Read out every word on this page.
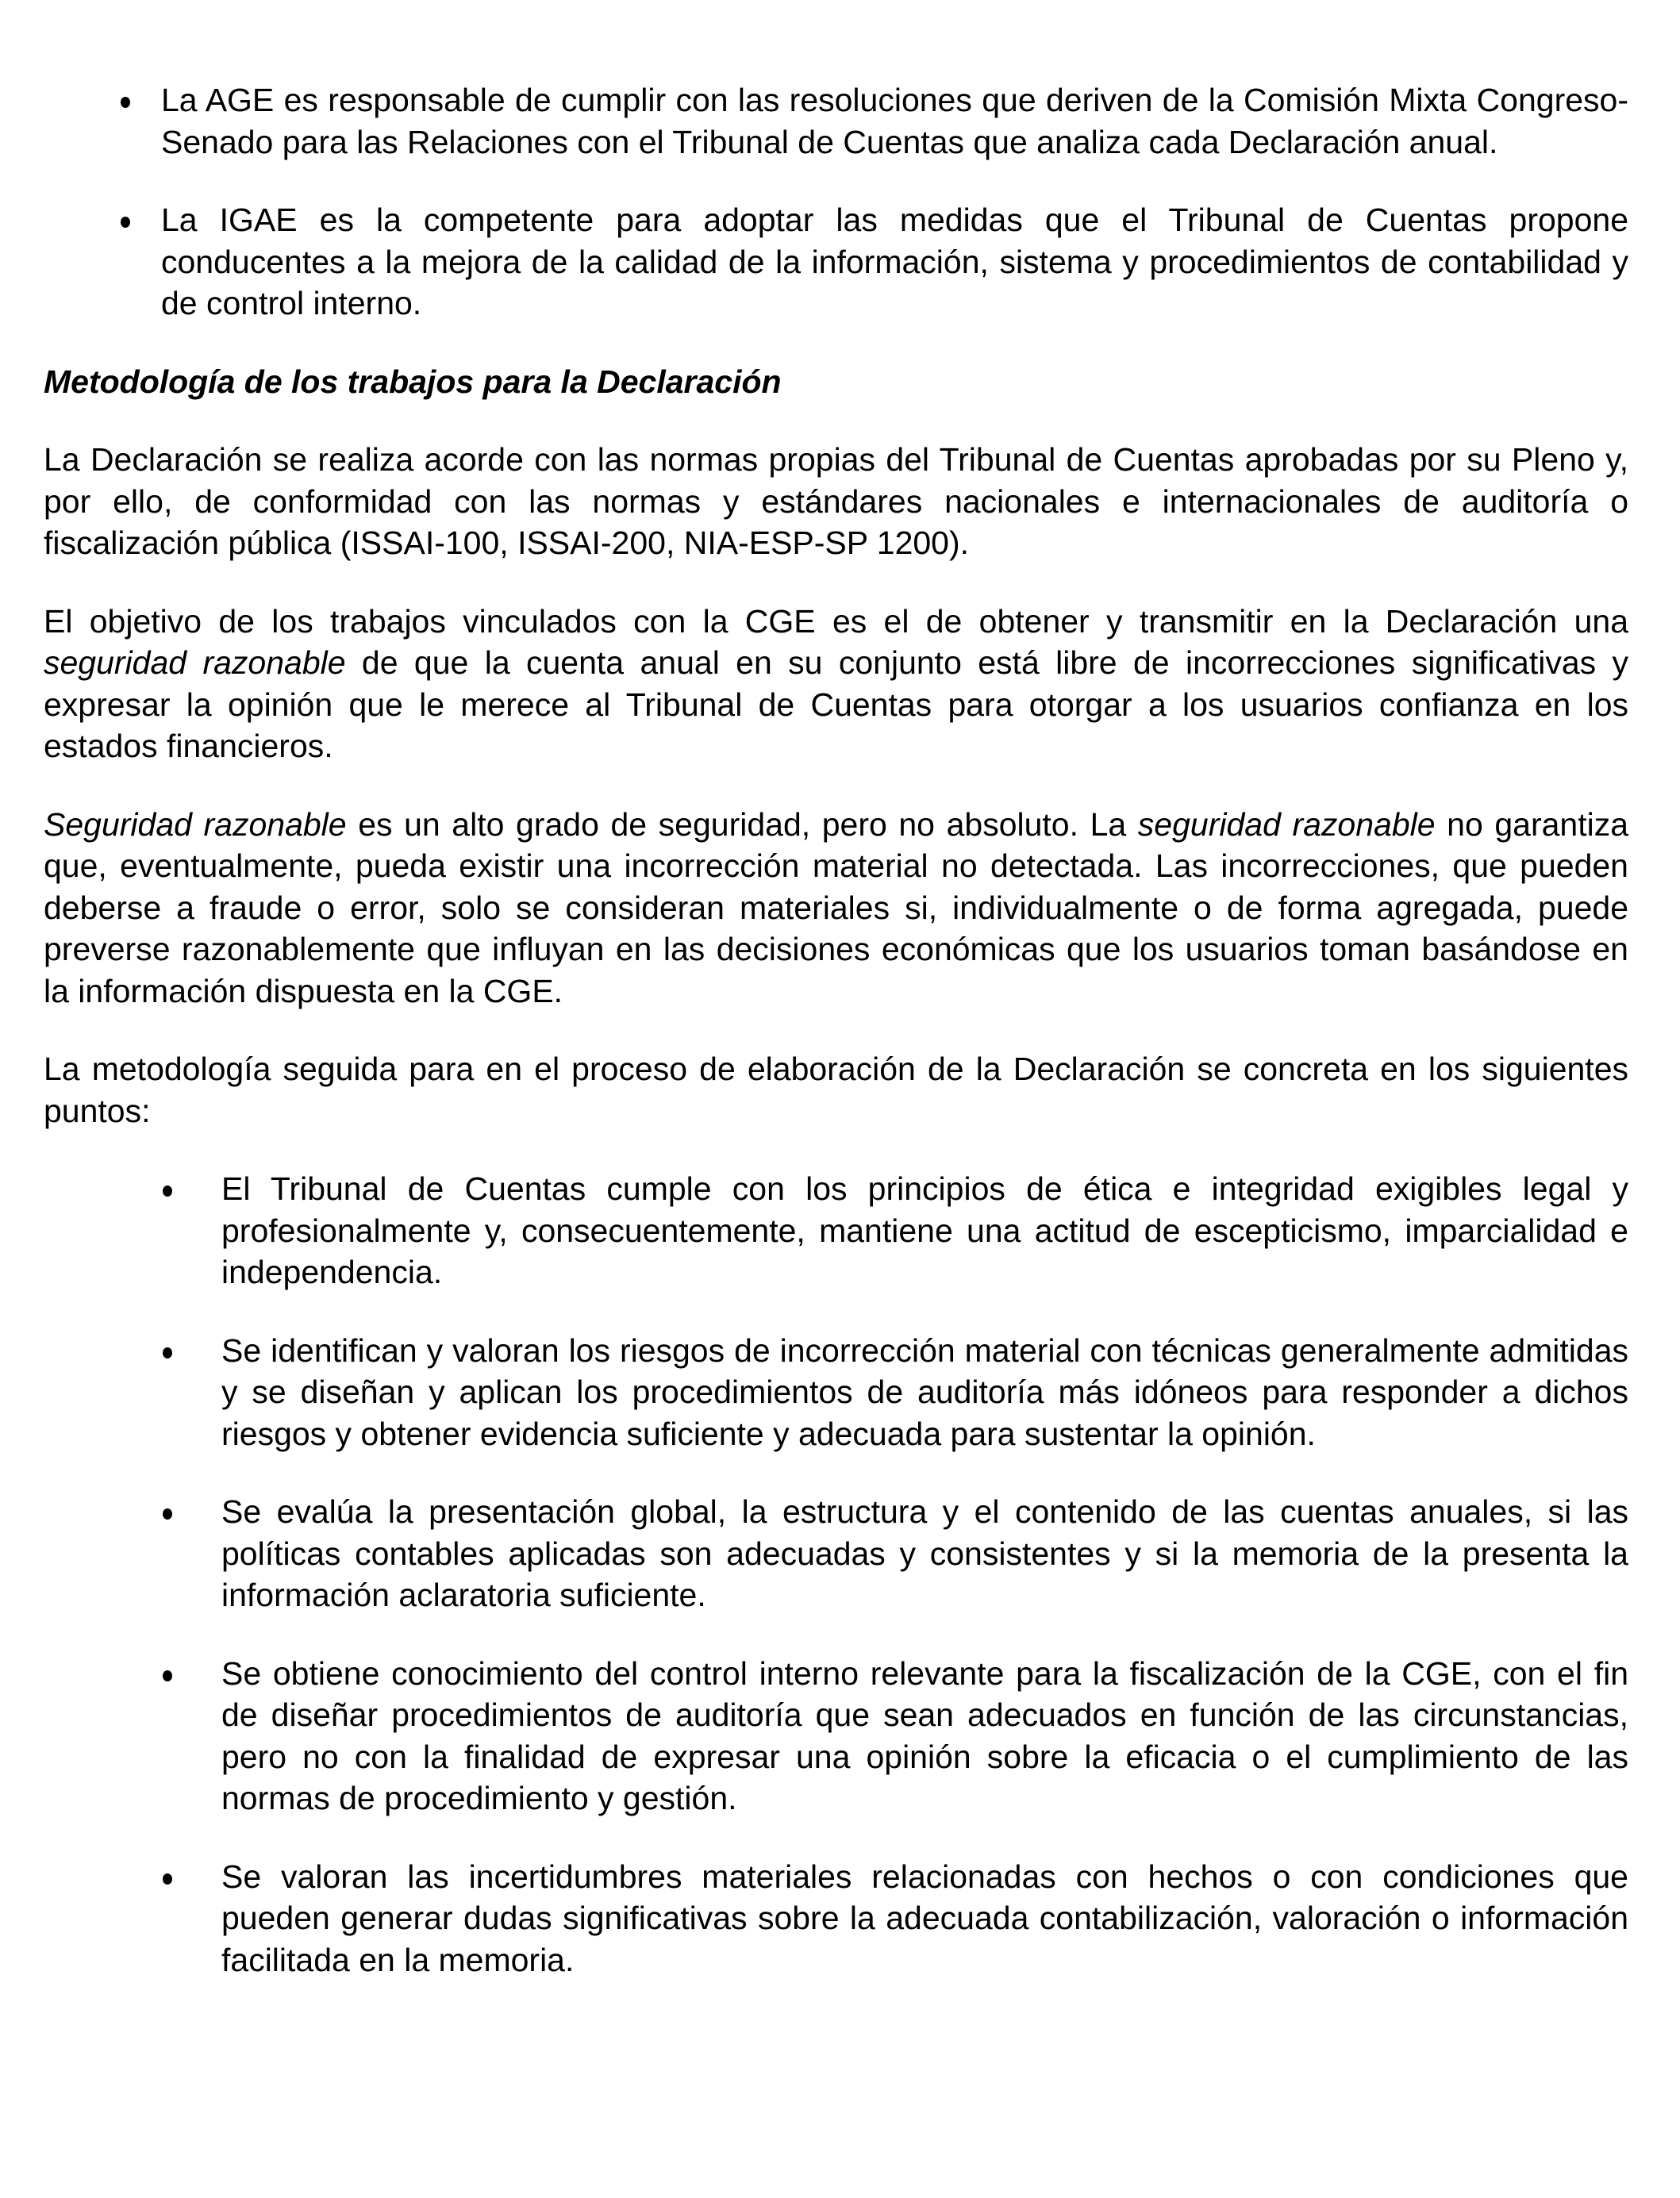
La AGE es responsable de cumplir con las resoluciones que deriven de la Comisión Mixta Congreso-Senado para las Relaciones con el Tribunal de Cuentas que analiza cada Declaración anual.
La IGAE es la competente para adoptar las medidas que el Tribunal de Cuentas propone conducentes a la mejora de la calidad de la información, sistema y procedimientos de contabilidad y de control interno.

Metodología de los trabajos para la Declaración

La Declaración se realiza acorde con las normas propias del Tribunal de Cuentas aprobadas por su Pleno y, por ello, de conformidad con las normas y estándares nacionales e internacionales de auditoría o fiscalización pública (ISSAI-100, ISSAI-200, NIA-ESP-SP 1200).

El objetivo de los trabajos vinculados con la CGE es el de obtener y transmitir en la Declaración una seguridad razonable de que la cuenta anual en su conjunto está libre de incorrecciones significativas y expresar la opinión que le merece al Tribunal de Cuentas para otorgar a los usuarios confianza en los estados financieros.

Seguridad razonable es un alto grado de seguridad, pero no absoluto. La seguridad razonable no garantiza que, eventualmente, pueda existir una incorrección material no detectada. Las incorrecciones, que pueden deberse a fraude o error, solo se consideran materiales si, individualmente o de forma agregada, puede preverse razonablemente que influyan en las decisiones económicas que los usuarios toman basándose en la información dispuesta en la CGE.

La metodología seguida para en el proceso de elaboración de la Declaración se concreta en los siguientes puntos:

El Tribunal de Cuentas cumple con los principios de ética e integridad exigibles legal y profesionalmente y, consecuentemente, mantiene una actitud de escepticismo, imparcialidad e independencia.
Se identifican y valoran los riesgos de incorrección material con técnicas generalmente admitidas y se diseñan y aplican los procedimientos de auditoría más idóneos para responder a dichos riesgos y obtener evidencia suficiente y adecuada para sustentar la opinión.
Se evalúa la presentación global, la estructura y el contenido de las cuentas anuales, si las políticas contables aplicadas son adecuadas y consistentes y si la memoria de la presenta la información aclaratoria suficiente.
Se obtiene conocimiento del control interno relevante para la fiscalización de la CGE, con el fin de diseñar procedimientos de auditoría que sean adecuados en función de las circunstancias, pero no con la finalidad de expresar una opinión sobre la eficacia o el cumplimiento de las normas de procedimiento y gestión.
Se valoran las incertidumbres materiales relacionadas con hechos o con condiciones que pueden generar dudas significativas sobre la adecuada contabilización, valoración o información facilitada en la memoria.
